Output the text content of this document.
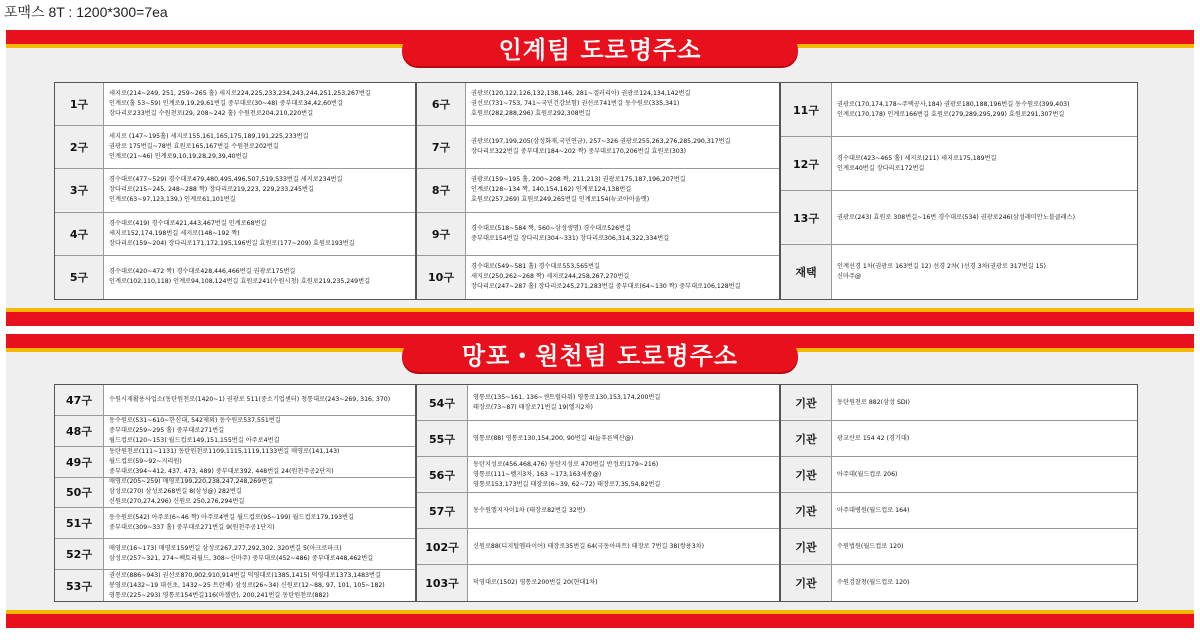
포맥스 8T : 1200*300=7ea
인계팀 도로명주소
1구
세지로(214~249, 251, 259~265 홀) 세지로224,225,233,234,243,244,251,253,267번길
인계로(홀 53~59) 인계로9,19,29,61번길 중부대로(30~48) 중부대로34,42,60번길
장다리로233번길 수원천로(29, 208~242 홀) 수원천로204,210,220번길
2구
세지로 (147~195홀) 세지로155,161,165,175,189,191,225,233번길
권광로 175번길~78번 효원로165,167번길 수원천로202번길
인계로(21~46) 인계로9,10,19,28,29,39,40번길
3구
경수대로(477~529) 경수대로479,480,495,496,507,519,533번길 세지로234번길
장다리로(215~245, 248~288 짝) 장다리로219,223, 229,233,245번길
인계로(63~97,123,139,) 인계로61,101번길
4구
경수대로(419) 경수대로421,443,467번길 인계로68번길
세지로152,174,198번길 세지로(148~192 짝)
장다리로(159~204) 장다리로171,172,195,196번길 효원로(177~209) 효원로193번길
5구	경수대로(420~472 짝) 경수대로428,446,466번길 권광로175번길
인계로(102,110,118) 인계로94,108,124번길 효원로241(수원시청) 효원로219,235,249번길
6구
권광로(120,122,126,132,138,146, 281~갤러리아) 권광로124,134,142번길
권선로(731~753, 741~국민건강보험) 권선로741번길 동수원로(335,341)
효원로(282,288,296) 효원로292,308번길
7구	권광로(197,199,205(삼성화재,국민연금), 257~326 권광로255,263,276,285,290,317번길
장다리로322번길 중부대로(184~202 짝) 중부대로170,206번길 효원로(303)
8구
권광로(159~195 홀, 200~208 짝, 211,213) 권광로175,187,196,207번길
인계로(128~134 짝, 140,154,162) 인계로124,138번길
효원로(257,269) 효원로249,265번길 인계로154(뉴코아아울렛)
9구	경수대로(518~584 짝, 560~삼성생명) 경수대로526번길
중부대로154번길 장다리로(304~331) 장다리로306,314,322,334번길
10구
경수대로(549~581 홀) 경수대로553,565번길
세지로(250,262~268 짝) 세지로244,258,267,270번길
장다리로(247~287 홀) 장다리로245,271,283번길 중부대로(64~130 짝) 중부대로106,128번길
11구	권광로(170,174,178~주택공사,184) 권광로180,188,196번길 동수원로(399,403)
인계로(170,178) 인계로166번길 효원로(279,289,295,299) 효원로291,307번길
12구	경수대로(423~465 홀) 세지로(211) 세지로175,189번길
인계로40번길 장다리로172번길
13구	권광로(243) 효원로 308번길~16번 경수대로(534) 권광로246(삼성래미안노블클래스)
재택	인계선경 1차(권광로 163번길 12) 선경 2차( )선경 3차(권광로 317번길 15)
신마주@
망포・원천팀 도로명주소
47구	수원시재활용사업소(동탄원천로(1420~1) 권광로 511(중소기업센터) 청통대로(243~269, 316, 370)
48구
동수원로(531~610~한신대, 542제외) 동수원로537,551번길
중부대로(259~295 홀) 중부대로271번길
월드컵로(120~153) 월드컵로149,151,155번길 아주로4번길
49구
동탄원천로(111~1131) 동탄원천로1109,1115,1119,1133번길 매영로(141,143)
월드컵로(59~92~지리원)
중부대로(394~412, 437, 473, 489) 중부대로392, 448번길 24(원천주공2단지)
50구
매영로(205~259) 매영로199,220,238,247,248,269번길
삼성로(270) 삼성로268번길 8(삼성@) 282번길
신원로(270,274,296) 신원로 250,276,294번길
51구	동수원로(542) 아주로(6~46 짝) 아주로4번길 월드컵로(95~199) 월드컵로179,193번길
중부대로(309~337 홀) 중부대로271번길 9(원천주공1단지)
52구	매영로(16~173) 매영로159번길 삼성로267,277,292,302, 320번길 5(아크로파크)
삼성로(257~321, 274~팩토리월드, 308~신마주) 중부대로(452~486) 중부대로448,462번길
53구
권선로(886~943) 권선로870,902,910,914번길 덕영대로(1385,1415) 덕영대로1373,1483번길
봉영로(1432~19 대선초, 1432~25 트란체) 삼성로(26~34) 신원로(12~88, 97, 101, 105~182)
영통로(225~293) 영통로154번길116(마젤란), 200,241번길 동탄원천로(882)
54구	영통로(135~161, 136~센트럴타워) 영통로130,153,174,200번길
태장로(73~87) 태장로71번길 19(엘지2차)
55구	영통로(88) 영통로130,154,200, 90번길 4(늘푸른벽산@)
56구
동탄지성로(456,468,476) 동탄지성로 470번길 반정로(179~216)
영통로(111~벨지3차, 163 ~173,163세종@)
영통로153,173번길 태장로(6~39, 62~72) 태장로7,35,54,82번길
57구	동수원엘지자이1차 (태장로82번길 32번)
102구	신원로88(디지털엠파이어) 태장로35번길 64(극동아파트) 태장로 7번길 38(쌍용3차)
103구	덕영대로(1502) 영통로200번길 20(현대1차)
기관	동탄원천로 882(삼성 SDI)
기관	광교산로 154 42 (경기대)
기관	아주대(월드컵로 206)
기관	아주대병원(월드컵로 164)
기관	수원법원(월드컵로 120)
기관	수원검찰청(월드컵로 120)
